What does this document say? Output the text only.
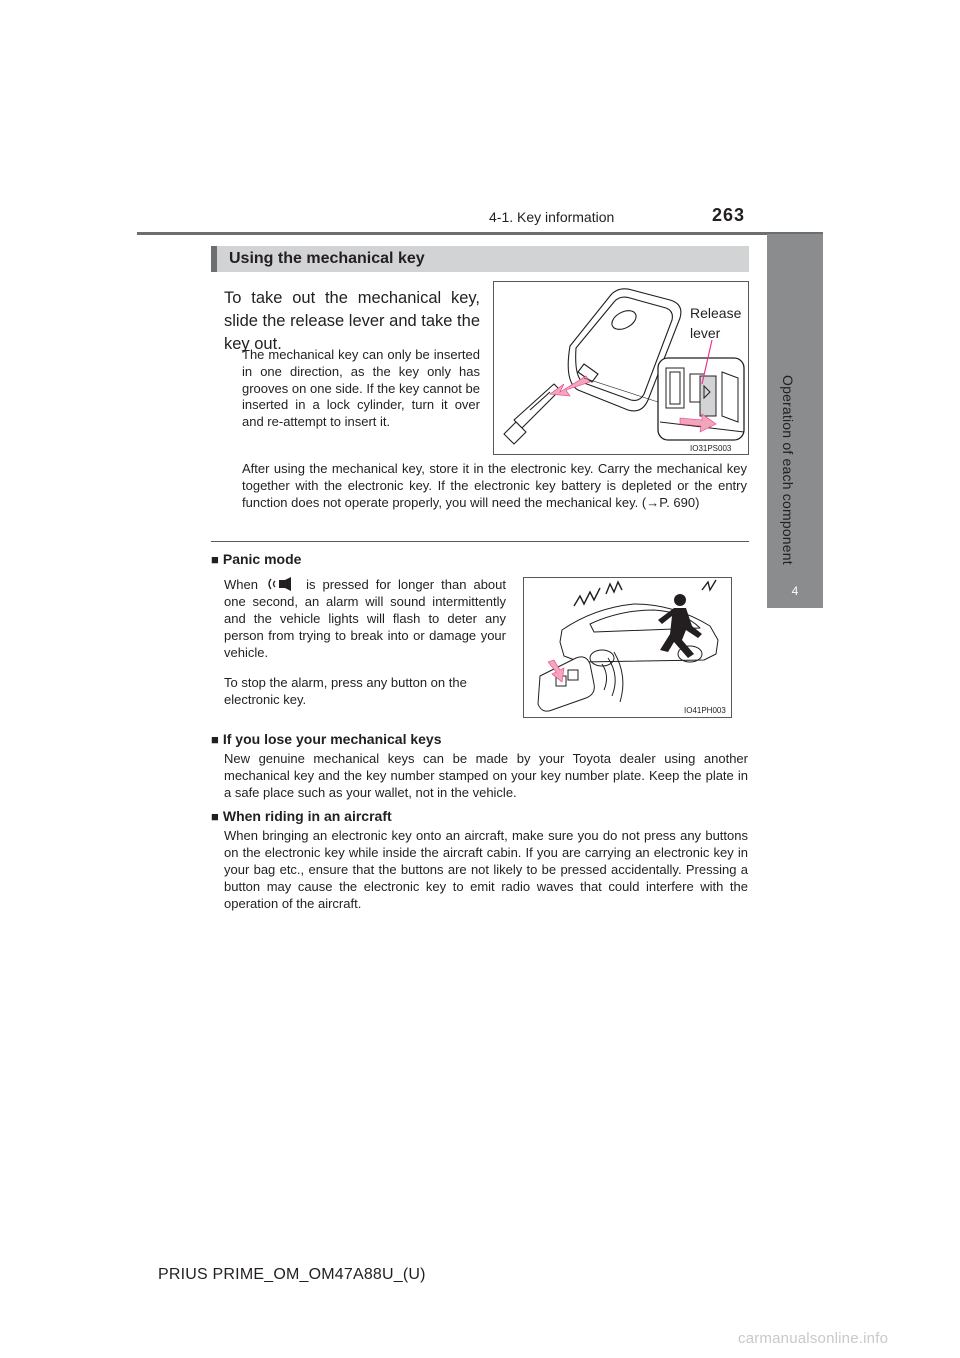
4-1. Key information	263
4
Operation of each component
Using the mechanical key
To take out the mechanical key, slide the release lever and take the key out.
The mechanical key can only be inserted in one direction, as the key only has grooves on one side. If the key cannot be inserted in a lock cylinder, turn it over and re-attempt to insert it.
Release lever
IO31PS003
After using the mechanical key, store it in the electronic key. Carry the mechanical key together with the electronic key. If the electronic key battery is depleted or the entry function does not operate properly, you will need the mechanical key. (→P. 690)
■ Panic mode
When	is pressed for longer than about one second, an alarm will sound intermittently and the vehicle lights will flash to deter any person from trying to break into or damage your vehicle.
To stop the alarm, press any button on the electronic key.
IO41PH003
■ If you lose your mechanical keys
New genuine mechanical keys can be made by your Toyota dealer using another mechanical key and the key number stamped on your key number plate. Keep the plate in a safe place such as your wallet, not in the vehicle.
■ When riding in an aircraft
When bringing an electronic key onto an aircraft, make sure you do not press any buttons on the electronic key while inside the aircraft cabin. If you are carrying an electronic key in your bag etc., ensure that the buttons are not likely to be pressed accidentally. Pressing a button may cause the electronic key to emit radio waves that could interfere with the operation of the aircraft.
PRIUS PRIME_OM_OM47A88U_(U)
carmanualsonline.info
